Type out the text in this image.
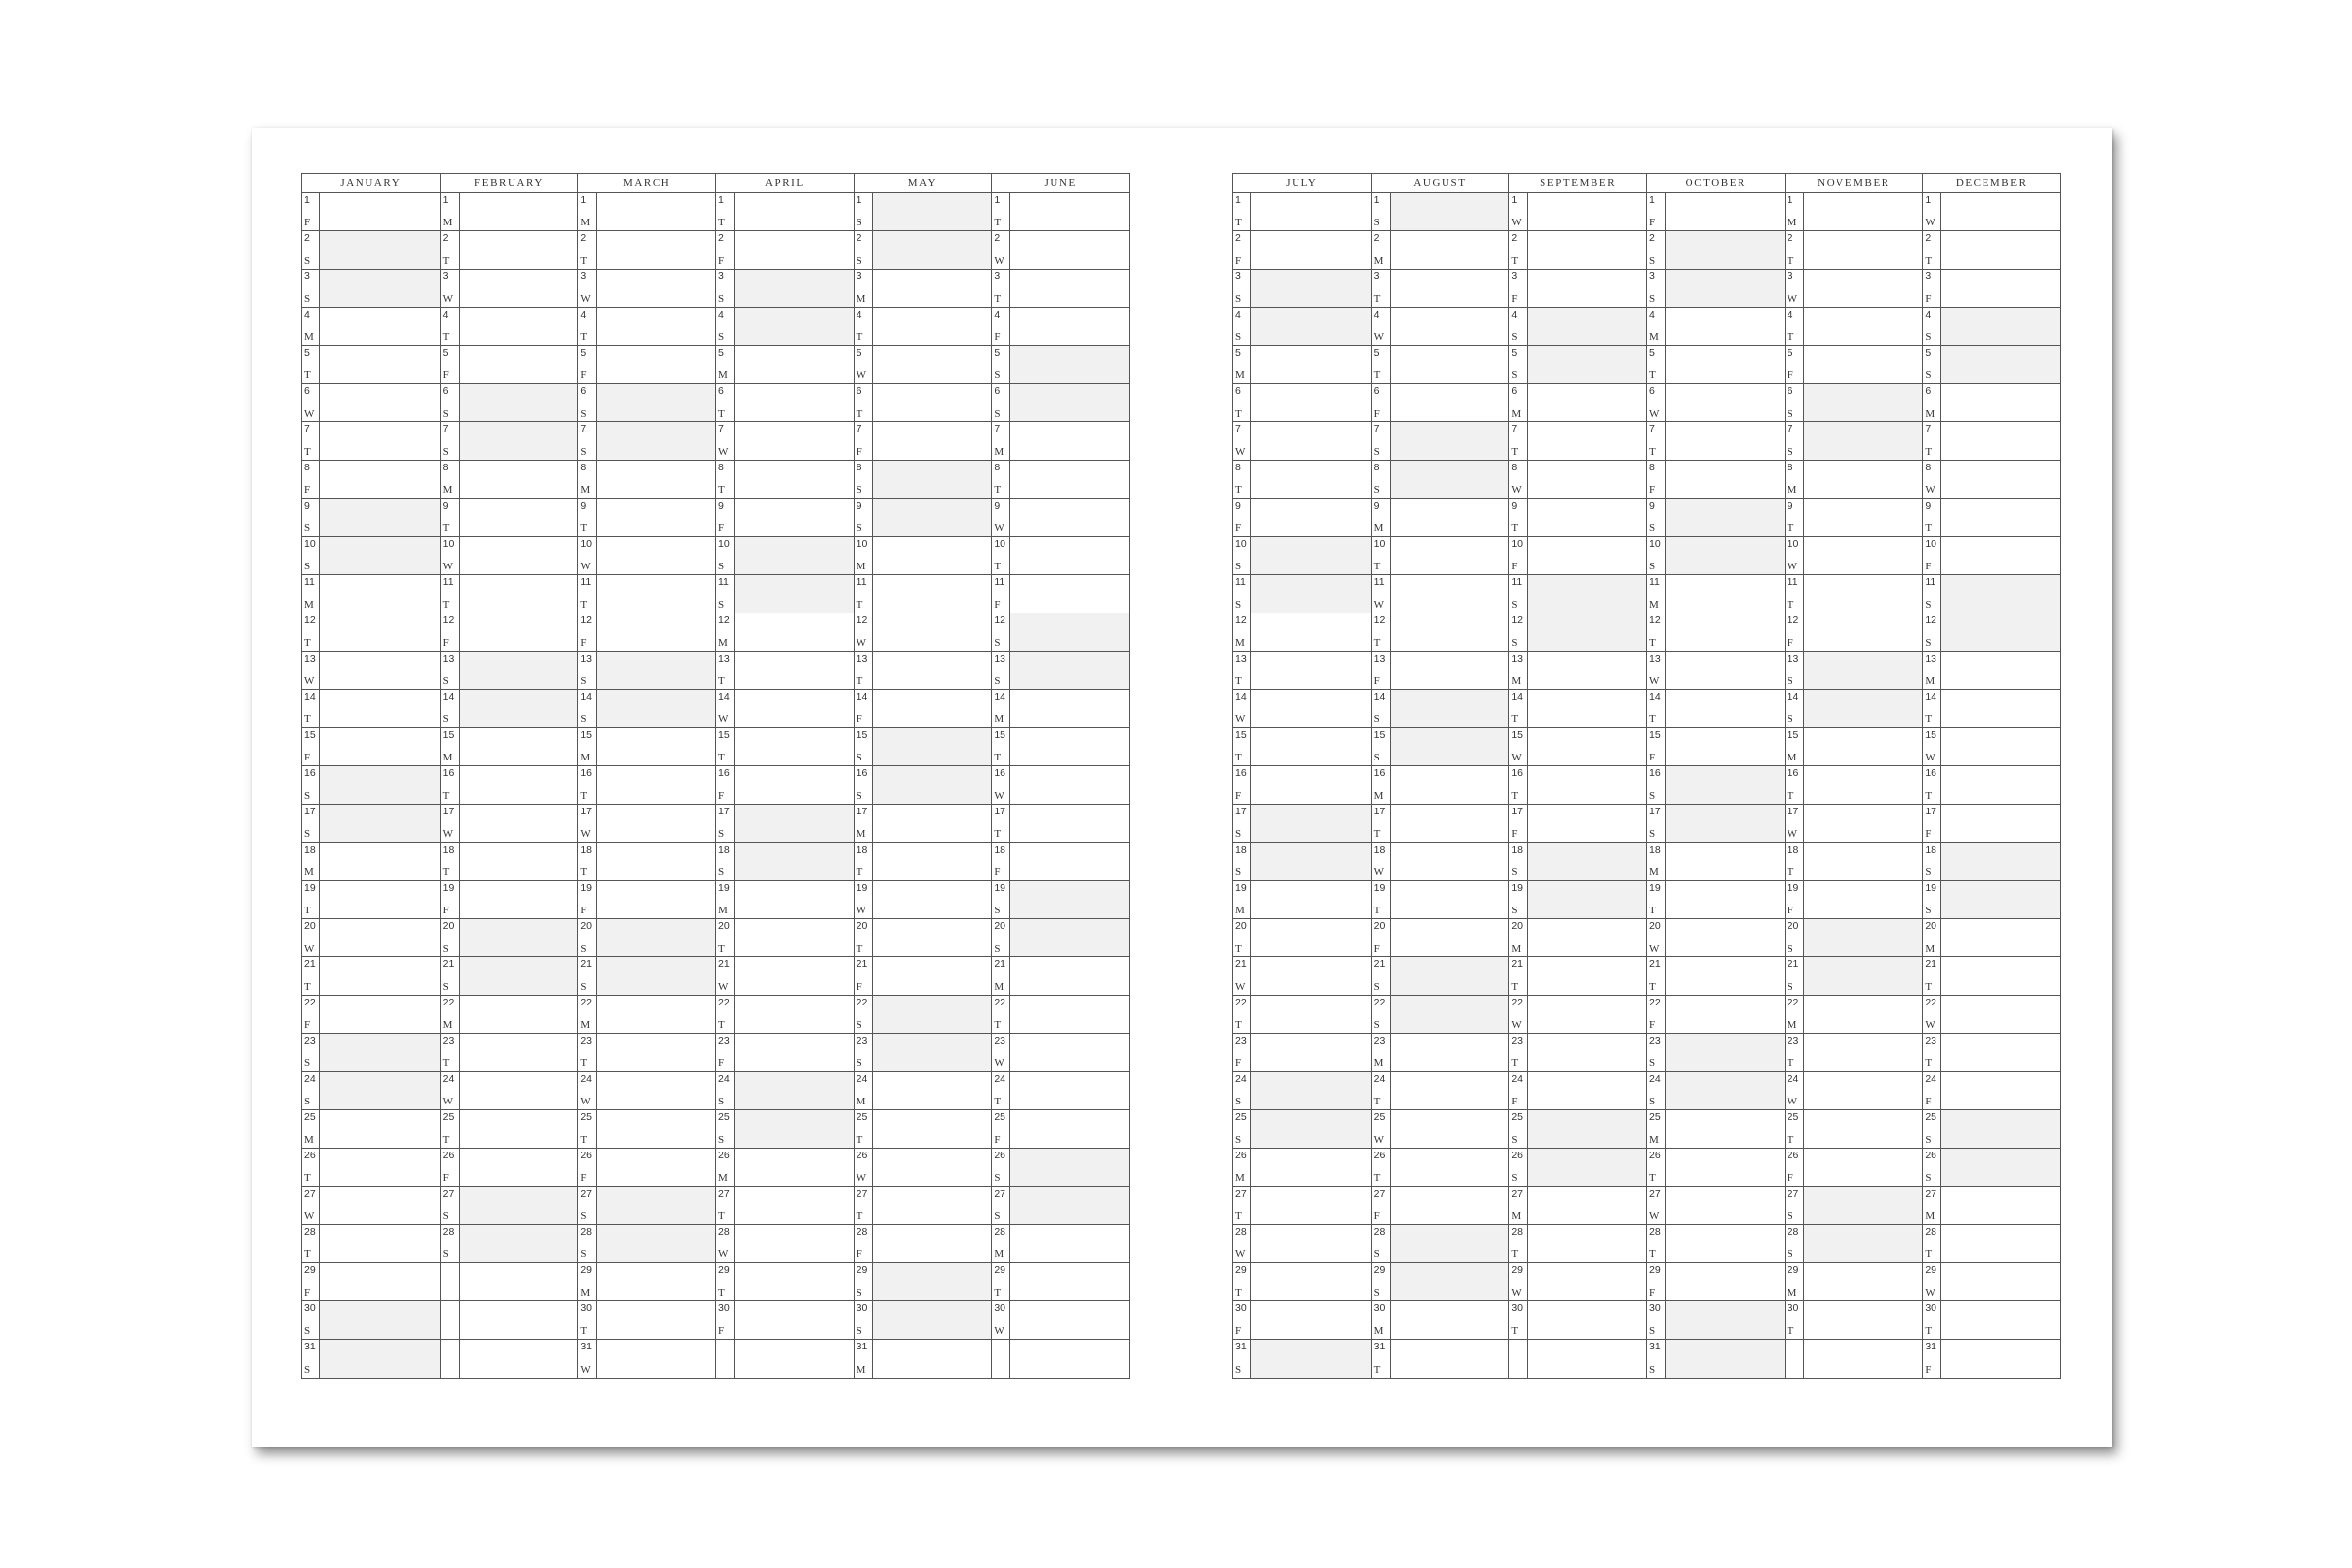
JANUARY
1
F
2
S
3
S
4
M
5
T
6
W
7
T
8
F
9
S
10
S
11
M
12
T
13
W
14
T
15
F
16
S
17
S
18
M
19
T
20
W
21
T
22
F
23
S
24
S
25
M
26
T
27
W
28
T
29
F
30
S
31
S
FEBRUARY
1
M
2
T
3
W
4
T
5
F
6
S
7
S
8
M
9
T
10
W
11
T
12
F
13
S
14
S
15
M
16
T
17
W
18
T
19
F
20
S
21
S
22
M
23
T
24
W
25
T
26
F
27
S
28
S
MARCH
1
M
2
T
3
W
4
T
5
F
6
S
7
S
8
M
9
T
10
W
11
T
12
F
13
S
14
S
15
M
16
T
17
W
18
T
19
F
20
S
21
S
22
M
23
T
24
W
25
T
26
F
27
S
28
S
29
M
30
T
31
W
APRIL
1
T
2
F
3
S
4
S
5
M
6
T
7
W
8
T
9
F
10
S
11
S
12
M
13
T
14
W
15
T
16
F
17
S
18
S
19
M
20
T
21
W
22
T
23
F
24
S
25
S
26
M
27
T
28
W
29
T
30
F
MAY
1
S
2
S
3
M
4
T
5
W
6
T
7
F
8
S
9
S
10
M
11
T
12
W
13
T
14
F
15
S
16
S
17
M
18
T
19
W
20
T
21
F
22
S
23
S
24
M
25
T
26
W
27
T
28
F
29
S
30
S
31
M
JUNE
1
T
2
W
3
T
4
F
5
S
6
S
7
M
8
T
9
W
10
T
11
F
12
S
13
S
14
M
15
T
16
W
17
T
18
F
19
S
20
S
21
M
22
T
23
W
24
T
25
F
26
S
27
S
28
M
29
T
30
W
JULY
1
T
2
F
3
S
4
S
5
M
6
T
7
W
8
T
9
F
10
S
11
S
12
M
13
T
14
W
15
T
16
F
17
S
18
S
19
M
20
T
21
W
22
T
23
F
24
S
25
S
26
M
27
T
28
W
29
T
30
F
31
S
AUGUST
1
S
2
M
3
T
4
W
5
T
6
F
7
S
8
S
9
M
10
T
11
W
12
T
13
F
14
S
15
S
16
M
17
T
18
W
19
T
20
F
21
S
22
S
23
M
24
T
25
W
26
T
27
F
28
S
29
S
30
M
31
T
SEPTEMBER
1
W
2
T
3
F
4
S
5
S
6
M
7
T
8
W
9
T
10
F
11
S
12
S
13
M
14
T
15
W
16
T
17
F
18
S
19
S
20
M
21
T
22
W
23
T
24
F
25
S
26
S
27
M
28
T
29
W
30
T
OCTOBER
1
F
2
S
3
S
4
M
5
T
6
W
7
T
8
F
9
S
10
S
11
M
12
T
13
W
14
T
15
F
16
S
17
S
18
M
19
T
20
W
21
T
22
F
23
S
24
S
25
M
26
T
27
W
28
T
29
F
30
S
31
S
NOVEMBER
1
M
2
T
3
W
4
T
5
F
6
S
7
S
8
M
9
T
10
W
11
T
12
F
13
S
14
S
15
M
16
T
17
W
18
T
19
F
20
S
21
S
22
M
23
T
24
W
25
T
26
F
27
S
28
S
29
M
30
T
DECEMBER
1
W
2
T
3
F
4
S
5
S
6
M
7
T
8
W
9
T
10
F
11
S
12
S
13
M
14
T
15
W
16
T
17
F
18
S
19
S
20
M
21
T
22
W
23
T
24
F
25
S
26
S
27
M
28
T
29
W
30
T
31
F
